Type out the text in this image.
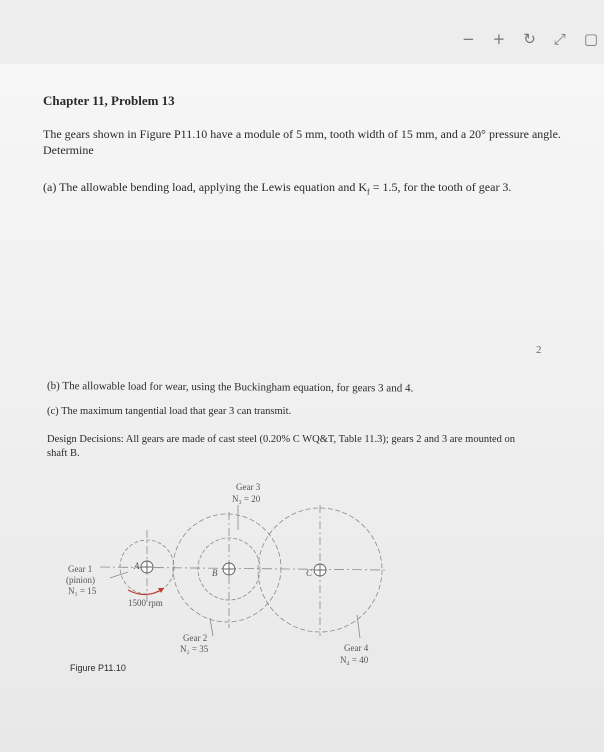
− + ↻ ⤢ ▢
Chapter 11, Problem 13
The gears shown in Figure P11.10 have a module of 5 mm, tooth width of 15 mm, and a 20° pressure angle. Determine
(a) The allowable bending load, applying the Lewis equation and $K_f = 1.5$, for the tooth of gear 3.
2
(b) The allowable load for wear, using the Buckingham equation, for gears 3 and 4.
(c) The maximum tangential load that gear 3 can transmit.
Design Decisions: All gears are made of cast steel (0.20% C WQ&T, Table 11.3); gears 2 and 3 are mounted on shaft B.
Gear 1
(pinion)
N₁ = 15
1500 rpm
A
B	C
Gear 3
N₃ = 20
Gear 2
N₂ = 35	Gear 4
N₄ = 40
Figure P11.10
